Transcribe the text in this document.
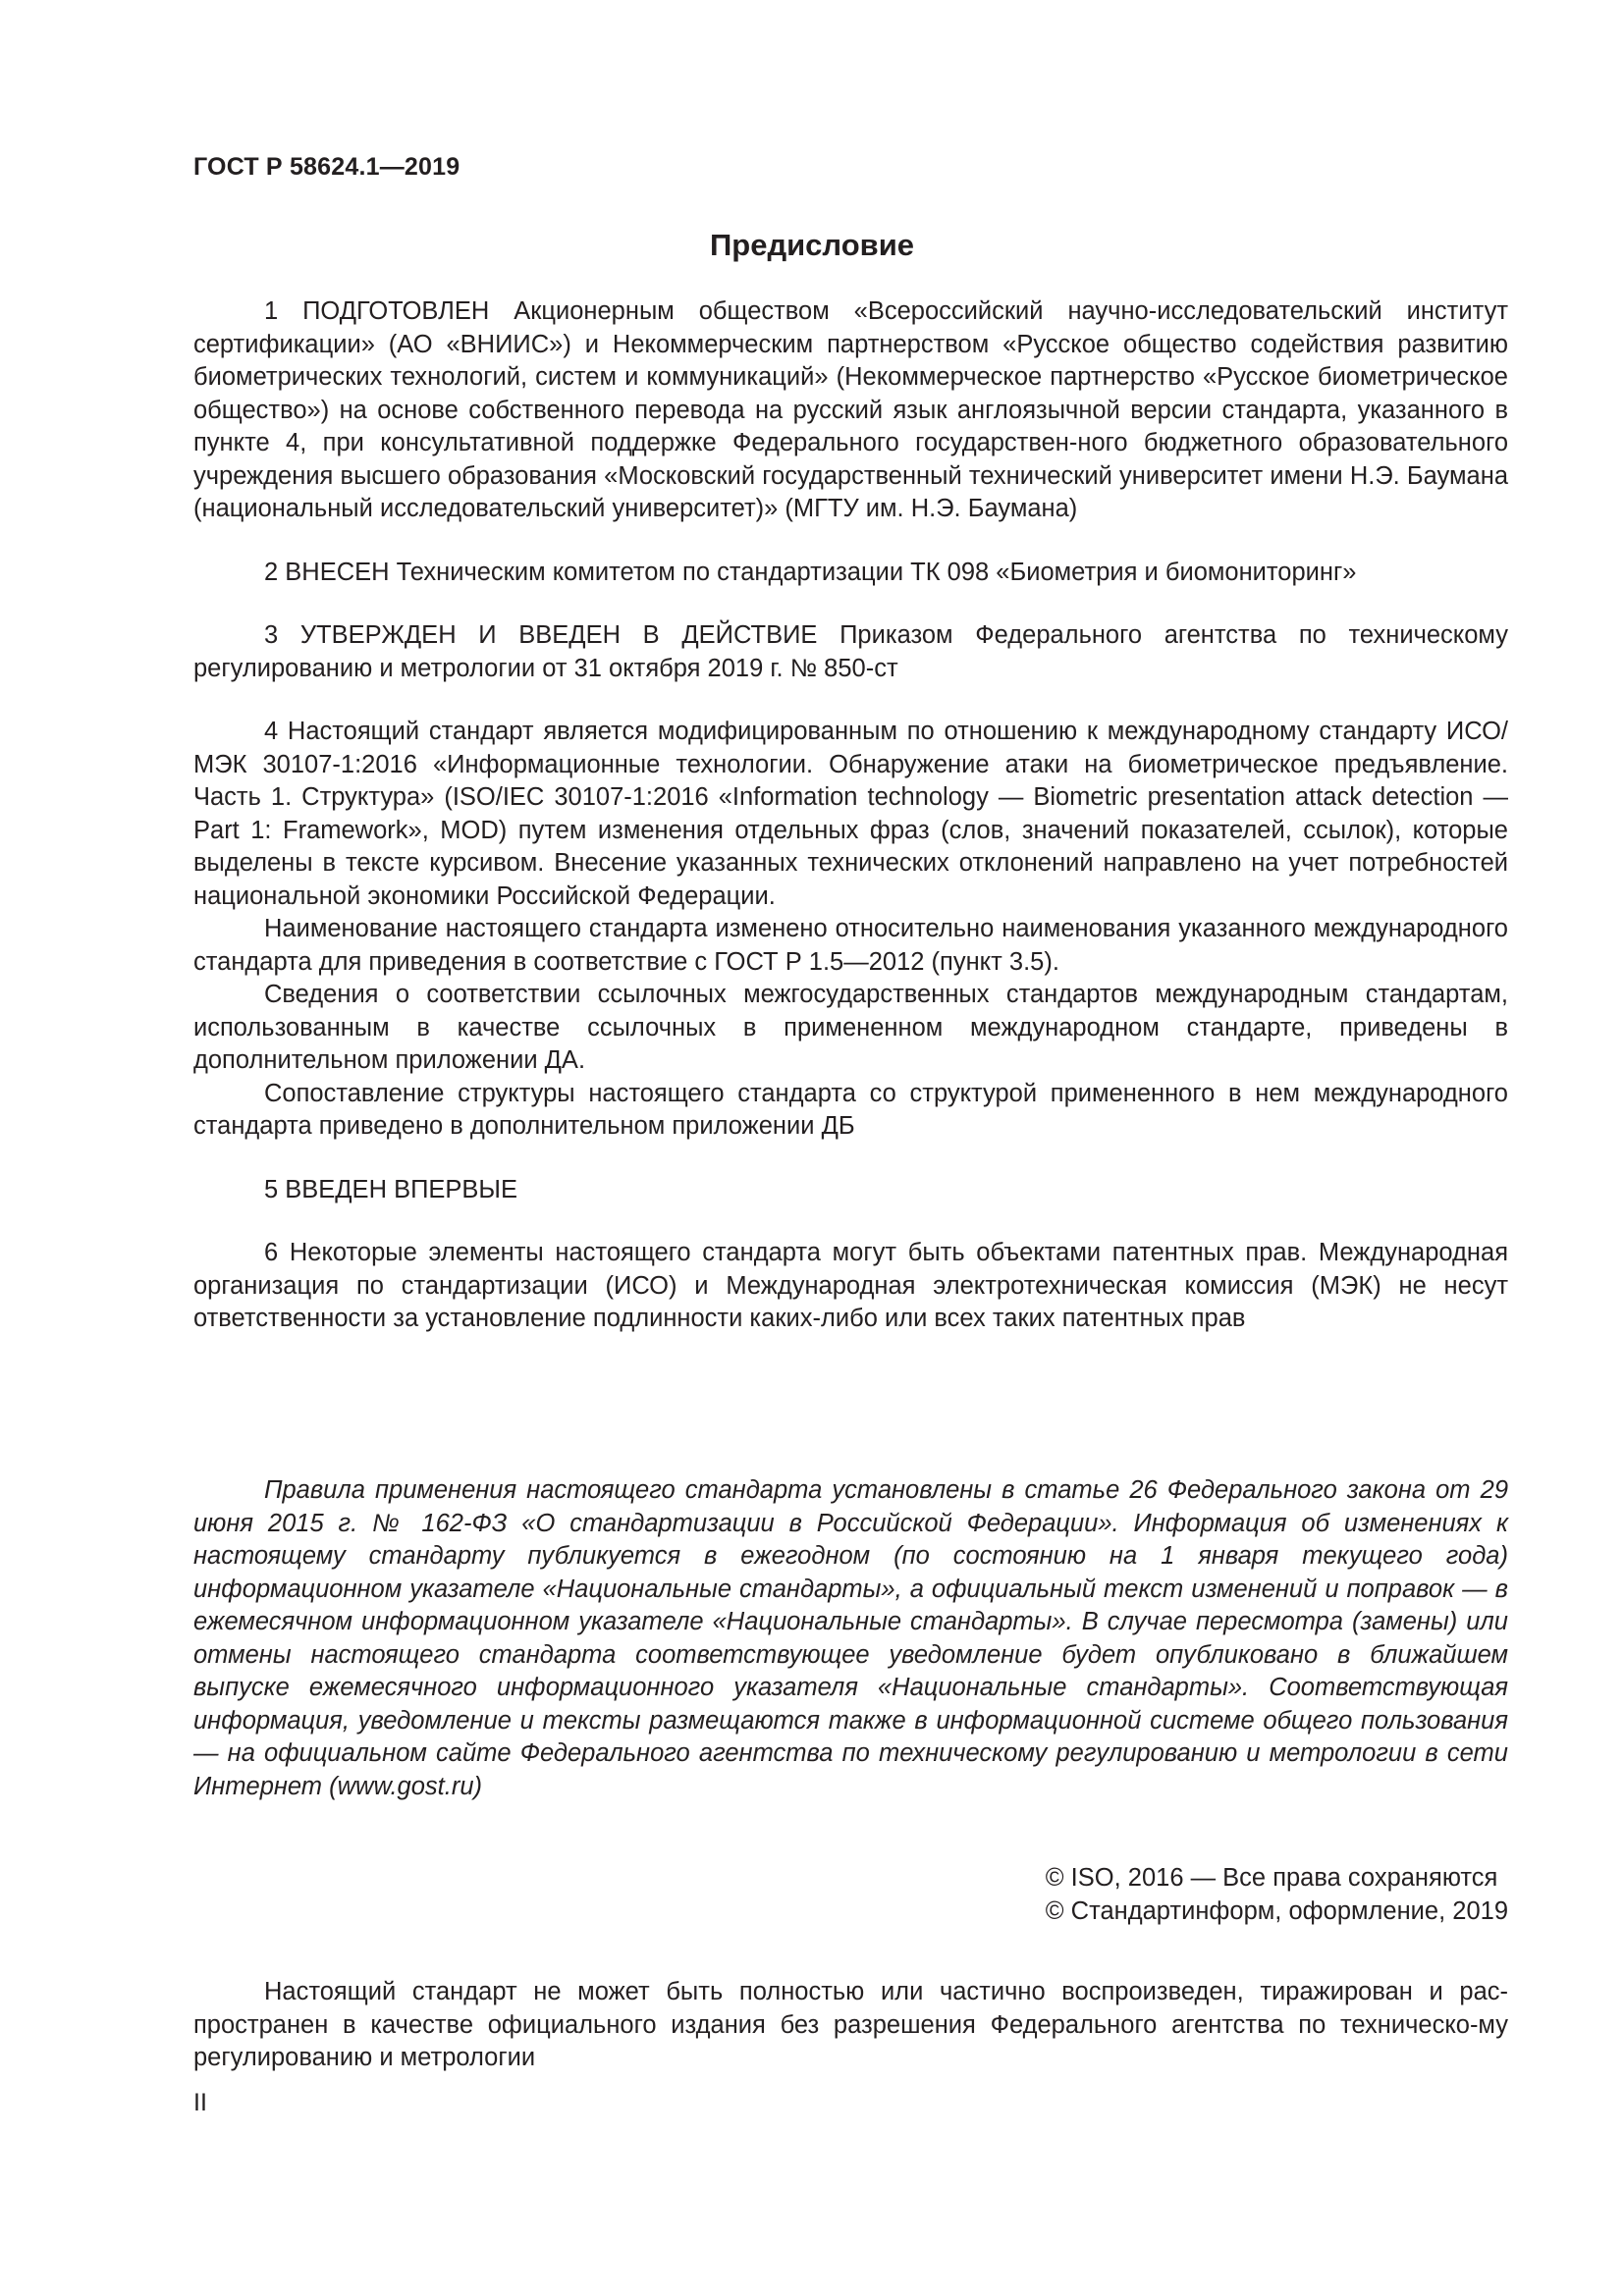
ГОСТ Р 58624.1—2019
Предисловие

1 ПОДГОТОВЛЕН Акционерным обществом «Всероссийский научно-исследовательский институт сертификации» (АО «ВНИИС») и Некоммерческим партнерством «Русское общество содействия развитию биометрических технологий, систем и коммуникаций» (Некоммерческое партнерство «Русское биометрическое общество») на основе собственного перевода на русский язык англоязычной версии стандарта, указанного в пункте 4, при консультативной поддержке Федерального государствен-ного бюджетного образовательного учреждения высшего образования «Московский государственный технический университет имени Н.Э. Баумана (национальный исследовательский университет)» (МГТУ им. Н.Э. Баумана)

2 ВНЕСЕН Техническим комитетом по стандартизации ТК 098 «Биометрия и биомониторинг»

3 УТВЕРЖДЕН И ВВЕДЕН В ДЕЙСТВИЕ Приказом Федерального агентства по техническому регулированию и метрологии от 31 октября 2019 г. № 850-ст

4 Настоящий стандарт является модифицированным по отношению к международному стандарту ИСО/МЭК 30107-1:2016 «Информационные технологии. Обнаружение атаки на биометрическое предъявление. Часть 1. Структура» (ISO/IEC 30107-1:2016 «Information technology — Biometric presentation attack detection — Part 1: Framework», MOD) путем изменения отдельных фраз (слов, значений показателей, ссылок), которые выделены в тексте курсивом. Внесение указанных технических отклонений направлено на учет потребностей национальной экономики Российской Федерации.

Наименование настоящего стандарта изменено относительно наименования указанного международного стандарта для приведения в соответствие с ГОСТ Р 1.5—2012 (пункт 3.5).

Сведения о соответствии ссылочных межгосударственных стандартов международным стандартам, использованным в качестве ссылочных в примененном международном стандарте, приведены в дополнительном приложении ДА.

Сопоставление структуры настоящего стандарта со структурой примененного в нем международного стандарта приведено в дополнительном приложении ДБ

5 ВВЕДЕН ВПЕРВЫЕ

6 Некоторые элементы настоящего стандарта могут быть объектами патентных прав. Международная организация по стандартизации (ИСО) и Международная электротехническая комиссия (МЭК) не несут ответственности за установление подлинности каких-либо или всех таких патентных прав

Правила применения настоящего стандарта установлены в статье 26 Федерального закона от 29 июня 2015 г. № 162-ФЗ «О стандартизации в Российской Федерации». Информация об изменениях к настоящему стандарту публикуется в ежегодном (по состоянию на 1 января текущего года) информационном указателе «Национальные стандарты», а официальный текст изменений и поправок — в ежемесячном информационном указателе «Национальные стандарты». В случае пересмотра (замены) или отмены настоящего стандарта соответствующее уведомление будет опубликовано в ближайшем выпуске ежемесячного информационного указателя «Национальные стандарты». Соответствующая информация, уведомление и тексты размещаются также в информационной системе общего пользования — на официальном сайте Федерального агентства по техническому регулированию и метрологии в сети Интернет (www.gost.ru)
© ISO, 2016 — Все права сохраняются
© Стандартинформ, оформление, 2019
Настоящий стандарт не может быть полностью или частично воспроизведен, тиражирован и рас-пространен в качестве официального издания без разрешения Федерального агентства по техническо-му регулированию и метрологии
II
